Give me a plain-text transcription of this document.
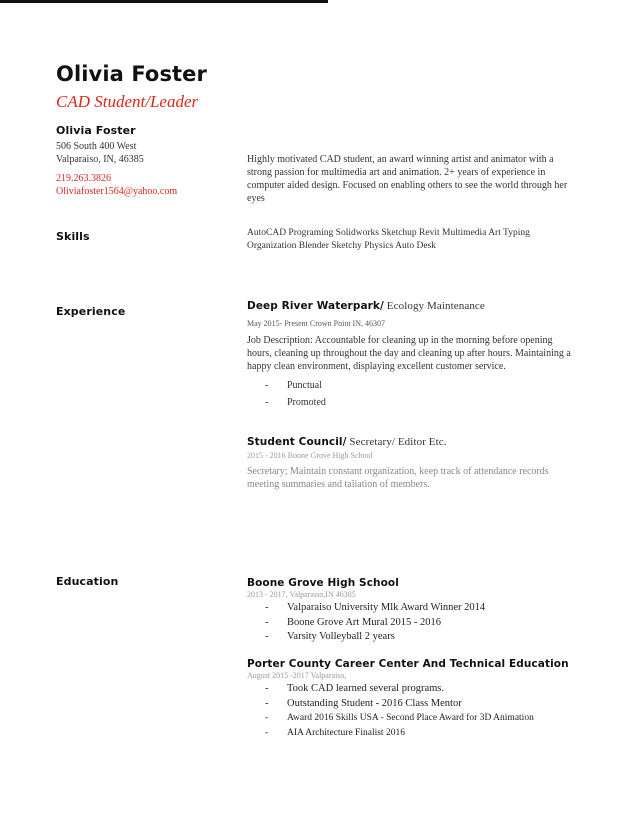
Olivia Foster
CAD Student/Leader
Olivia Foster
506 South 400 West
Valparaiso, IN, 46385
219.263.3826
Oliviafoster1564@yahoo.com
Highly motivated CAD student, an award winning artist and animator with a strong passion for multimedia art and animation. 2+ years of experience in computer aided design. Focused on enabling others to see the world through her eyes
Skills	AutoCAD Programing Solidworks Sketchup Revit Multimedia Art Typing
Organization Blender Sketchy Physics Auto Desk
Experience	Deep River Waterpark/ Ecology Maintenance
May 2015- Present Crown Point IN, 46307
Job Description: Accountable for cleaning up in the morning before opening hours, cleaning up throughout the day and cleaning up after hours. Maintaining a happy clean environment, displaying excellent customer service.
- Punctual
- Promoted
Student Council/ Secretary/ Editor Etc.
2015 - 2016 Boone Grove High School
Secretary; Maintain constant organization, keep track of attendance records meeting summaries and taliation of members.
Education	Boone Grove High School
2013 - 2017, Valparaiso,IN 46385
- Valparaiso University Mlk Award Winner 2014
- Boone Grove Art Mural 2015 - 2016
- Varsity Volleyball 2 years
Porter County Career Center And Technical Education
August 2015 -2017 Valparaiso,
- Took CAD learned several programs.
- Outstanding Student - 2016 Class Mentor
- Award 2016 Skills USA - Second Place Award for 3D Animation
- AIA Architecture Finalist 2016
